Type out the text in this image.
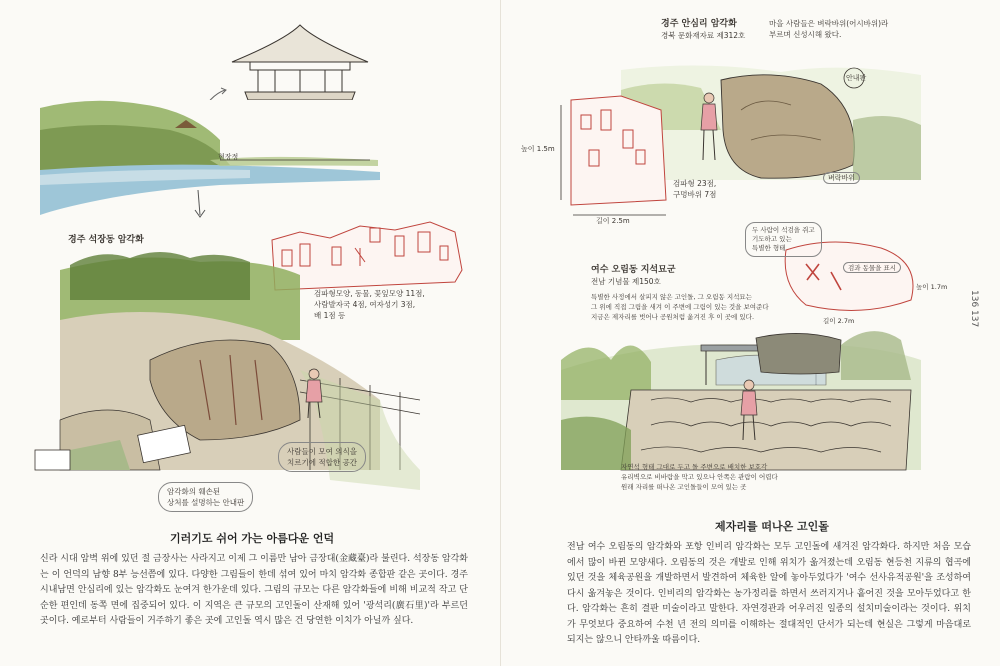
현장정
경주 석장동 암각화
검파형모양, 동물, 꽃잎모양 11점,
사람발자국 4점, 여자성기 3점,
배 1점 등
사람들이 모여 의식을
치르기에 적합한 공간
암각화의 훼손된
상처를 설명하는 안내판
기러기도 쉬어 가는 아름다운 언덕

신라 시대 암벽 위에 있던 절 금장사는 사라지고 이제 그 이름만 남아 금장대(金藏臺)라 불린다. 석장동 암각화는 이 언덕의 남향 8부 능선쯤에 있다. 다양한 그림들이 한데 섞여 있어 마치 암각화 종합판 같은 곳이다. 경주시내남면 안심리에 있는 암각화도 눈여겨 한가운데 있다. 그림의 규모는 다른 암각화들에 비해 비교적 작고 단순한 편인데 동쪽 면에 집중되어 있다. 이 지역은 큰 규모의 고인돌이 산재해 있어 '광석리(廣石里)'라 부르던 곳이다. 예로부터 사람들이 거주하기 좋은 곳에 고인돌 역시 많은 건 당연한 이치가 아닐까 싶다.

경주 안심리 암각화
경북 문화재자료 제312호
마을 사람들은 벼락바위(어시바위)라
부르며 신성시해 왔다.
안내판
벼락바위
높이 1.5m
검파형 23점,
구멍바위 7점
길이 2.5m
여수 오림동 지석묘군
전남 기념물 제150호
두 사람이 석검을 쥐고
기도하고 있는
특별한 형태
검과 동물을 표시
높이 1.7m
길이 2.7m
특별한 사정에서 살피지 않은 고인돌, 그 오림동 지석묘는
그 위에 직접 그림을 새겨 이 주변에 그림이 있는 것을 보여준다
지금은 제자리를 벗어나 공원처럼 옮겨진 후 이 곳에 있다.
자연석 형태 그대로 두고 돌 주변으로 배치한 보호각
유리벽으로 비바람을 막고 있으나 안쪽은 관람이 어렵다
원래 자리를 떠나온 고인돌들이 모여 있는 곳
136 137
제자리를 떠나온 고인돌

전남 여수 오림동의 암각화와 포항 인비리 암각화는 모두 고인돌에 새겨진 암각화다. 하지만 처음 모습에서 많이 바뀐 모양새다. 오림동의 것은 개발로 인해 위치가 옮겨졌는데 오림동 현등천 지류의 협곡에 있던 것을 체육공원을 개발하면서 발견하여 체육한 알에 놓아두었다가 '여수 선사유적공원'을 조성하여 다시 옮겨놓은 것이다. 인비리의 암각화는 농가정리를 하면서 쓰러지거나 흩어진 것을 모아두었다고 한다. 암각화는 흔히 결판 미술이라고 말한다. 자연경관과 어우러진 일종의 설치미술이라는 것이다. 위치가 무엇보다 중요하여 수천 년 전의 의미를 이해하는 절대적인 단서가 되는데 현실은 그렇게 마음대로 되지는 않으니 안타까울 따름이다.
